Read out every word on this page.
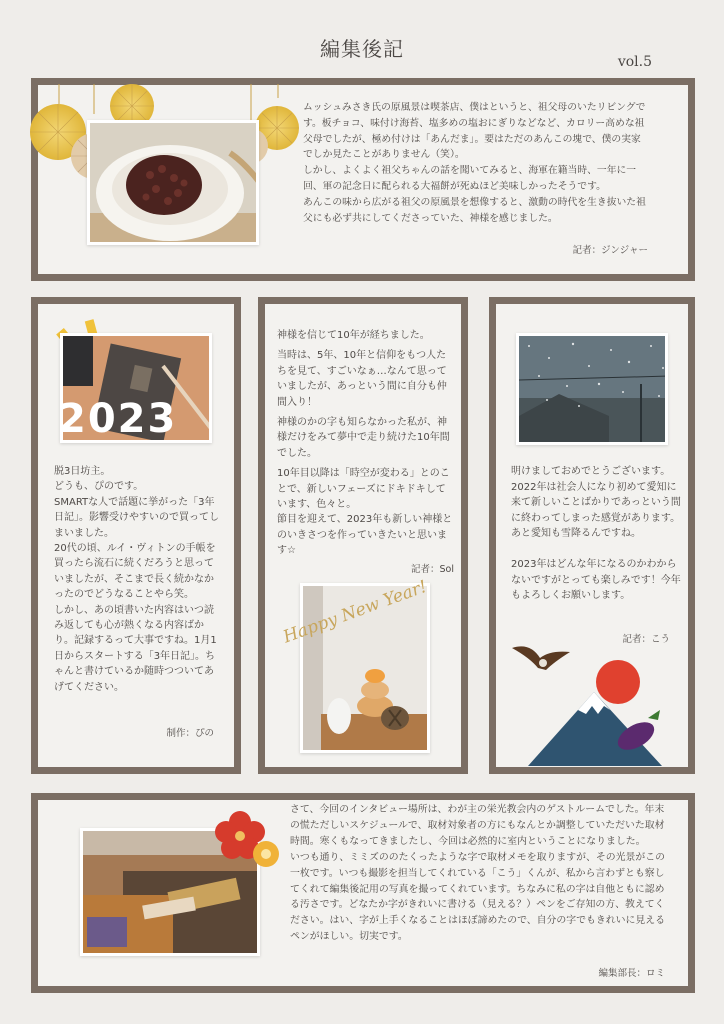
編集後記
vol.5

ムッシュみさき氏の原風景は喫茶店、僕はというと、祖父母のいたリビングです。板チョコ、味付け海苔、塩多めの塩おにぎりなどなど、カロリー高めな祖父母でしたが、極め付けは「あんだま」。要はただのあんこの塊で、僕の実家でしか見たことがありません（笑）。

しかし、よくよく祖父ちゃんの話を聞いてみると、海軍在籍当時、一年に一回、軍の記念日に配られる大福餅が死ぬほど美味しかったそうです。

あんこの味から広がる祖父の原風景を想像すると、激動の時代を生き抜いた祖父にも必ず共にしてくださっていた、神様を感じました。

記者：ジンジャー
2023

脱3日坊主。

どうも、ぴのです。

SMARTな人で話題に挙がった「3年日記」。影響受けやすいので買ってしまいました。

20代の頃、ルイ・ヴィトンの手帳を買ったら流石に続くだろうと思っていましたが、そこまで長く続かなかったのでどうなることやら笑。

しかし、あの頃書いた内容はいつ読み返しても心が熱くなる内容ばかり。記録するって大事ですね。1月1日からスタートする「3年日記」。ちゃんと書けているか随時つついてあげてください。

制作：ぴの

神様を信じて10年が経ちました。

当時は、5年、10年と信仰をもつ人たちを見て、すごいなぁ…なんて思っていましたが、あっという間に自分も仲間入り！

神様のかの字も知らなかった私が、神様だけをみて夢中で走り続けた10年間でした。

10年目以降は「時空が変わる」とのことで、新しいフェーズにドキドキしています、色々と。

節目を迎えて、2023年も新しい神様とのいきさつを作っていきたいと思います☆

記者：Sol
Happy New Year!

明けましておめでとうございます。2022年は社会人になり初めて愛知に来て新しいことばかりであっという間に終わってしまった感覚があります。

あと愛知も雪降るんですね。

2023年はどんな年になるのかわからないですがとっても楽しみです！今年もよろしくお願いします。

記者：こう

さて、今回のインタビュー場所は、わが主の栄光教会内のゲストルームでした。年末の慌ただしいスケジュールで、取材対象者の方にもなんとか調整していただいた取材時間。寒くもなってきましたし、今回は必然的に室内ということになりました。

いつも通り、ミミズののたくったような字で取材メモを取りますが、その光景がこの一枚です。いつも撮影を担当してくれている「こう」くんが、私から言わずとも察してくれて編集後記用の写真を撮ってくれています。ちなみに私の字は自他ともに認める汚さです。どなたか字がきれいに書ける（見える？）ペンをご存知の方、教えてください。はい、字が上手くなることはほぼ諦めたので、自分の字でもきれいに見えるペンがほしい。切実です。

編集部長：ロミ
